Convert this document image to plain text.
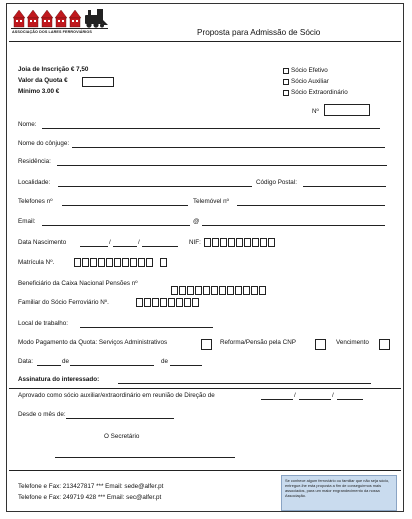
ASSOCIAÇÃO DOS LARES FERROVIÁRIOS	Proposta para Admissão de Sócio
Joia de Inscrição € 7,50
Valor da Quota €
Mínimo 3.00 €
Sócio Efetivo
Sócio Auxiliar
Sócio Extraordinário
Nº
Nome:
Nome do cônjuge:
Residência:
Localidade:	Código Postal:
Telefones nº	Telemóvel nº
Email:	@
Data Nascimento	/	/	NIF:
Matrícula Nº.
Beneficiário da Caixa Nacional Pensões nº
Familiar do Sócio Ferroviário Nº.
Local de trabalho:
Modo Pagamento da Quota: Serviços Administrativos	Reforma/Pensão pela CNP	Vencimento
Data:	de	de
Assinatura do interessado:
Aprovado como sócio auxiliar/extraordinário em reunião de Direção de	/	/
Desde o mês de:
O Secretário
Telefone e Fax: 213427817 *** Email: sede@alfer.pt
Telefone e Fax: 249719 428 *** Email: sec@alfer.pt
Se conhece algum ferroviário ou familiar que não seja sócio, entregue-lhe esta proposta a fim de conseguirmos mais associados, para um maior engrandecimento da nossa Associação.
